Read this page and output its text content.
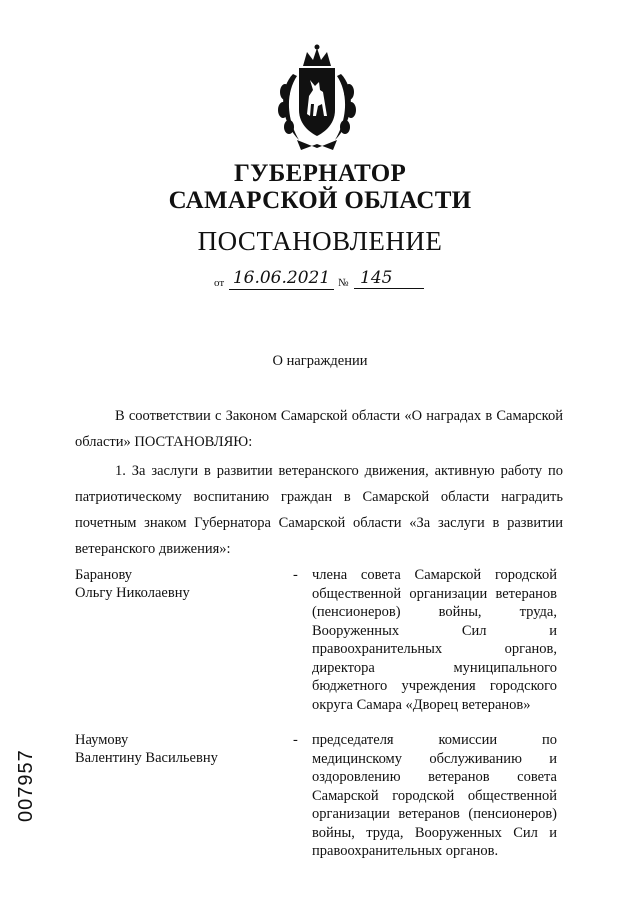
ГУБЕРНАТОР
САМАРСКОЙ ОБЛАСТИ
ПОСТАНОВЛЕНИЕ
от 16.06.2021 № 145
О награждении
В соответствии с Законом Самарской области «О наградах в Самарской области» ПОСТАНОВЛЯЮ:
1. За заслуги в развитии ветеранского движения, активную работу по патриотическому воспитанию граждан в Самарской области наградить почетным знаком Губернатора Самарской области «За заслуги в развитии ветеранского движения»:
Баранову
Ольгу Николаевну
- члена совета Самарской городской общественной организации ветеранов (пенсионеров) войны, труда, Вооруженных Сил и правоохранительных органов, директора муниципального бюджетного учреждения городского округа Самара «Дворец ветеранов»
Наумову
Валентину Васильевну
- председателя комиссии по медицинскому обслуживанию и оздоровлению ветеранов совета Самарской городской общественной организации ветеранов (пенсионеров) войны, труда, Вооруженных Сил и правоохранительных органов.
007957
